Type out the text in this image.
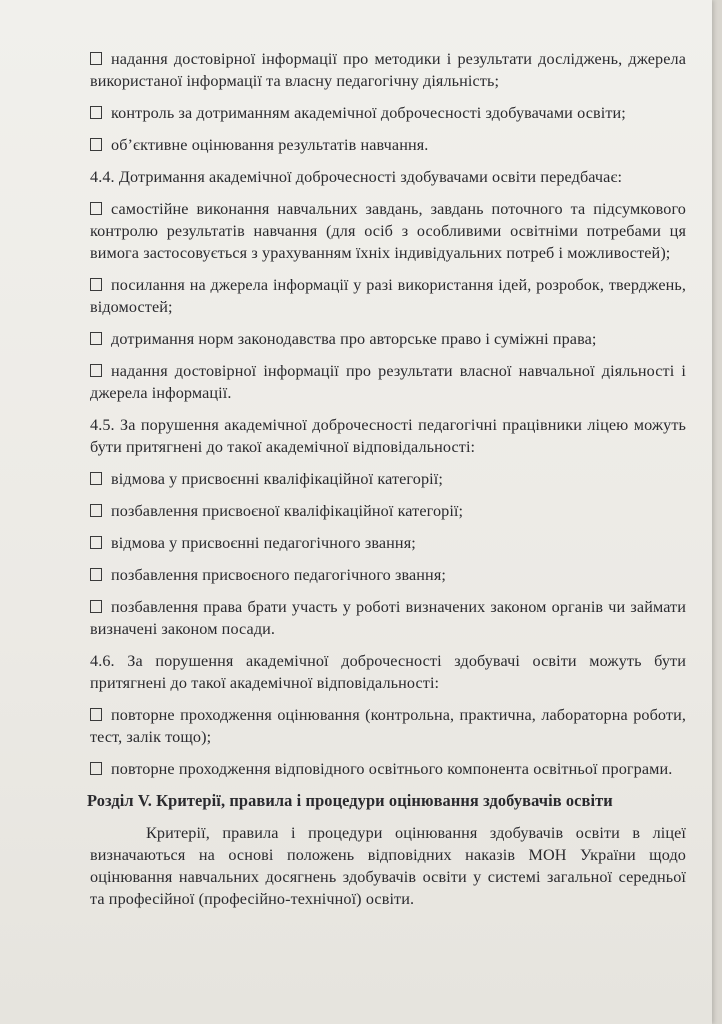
надання достовірної інформації про методики і результати досліджень, джерела використаної інформації та власну педагогічну діяльність;

контроль за дотриманням академічної доброчесності здобувачами освіти;

об’єктивне оцінювання результатів навчання.

4.4. Дотримання академічної доброчесності здобувачами освіти передбачає:

самостійне виконання навчальних завдань, завдань поточного та підсумкового контролю результатів навчання (для осіб з особливими освітніми потребами ця вимога застосовується з урахуванням їхніх індивідуальних потреб і можливостей);

посилання на джерела інформації у разі використання ідей, розробок, тверджень, відомостей;

дотримання норм законодавства про авторське право і суміжні права;

надання достовірної інформації про результати власної навчальної діяльності і джерела інформації.

4.5. За порушення академічної доброчесності педагогічні працівники ліцею можуть бути притягнені до такої академічної відповідальності:

відмова у присвоєнні кваліфікаційної категорії;

позбавлення присвоєної кваліфікаційної категорії;

відмова у присвоєнні педагогічного звання;

позбавлення присвоєного педагогічного звання;

позбавлення права брати участь у роботі визначених законом органів чи займати визначені законом посади.

4.6. За порушення академічної доброчесності здобувачі освіти можуть бути притягнені до такої академічної відповідальності:

повторне проходження оцінювання (контрольна, практична, лабораторна роботи, тест, залік тощо);

повторне проходження відповідного освітнього компонента освітньої програми.

Розділ V. Критерії, правила і процедури оцінювання здобувачів освіти

Критерії, правила і процедури оцінювання здобувачів освіти в ліцеї визначаються на основі положень відповідних наказів МОН України щодо оцінювання навчальних досягнень здобувачів освіти у системі загальної середньої та професійної (професійно-технічної) освіти.
